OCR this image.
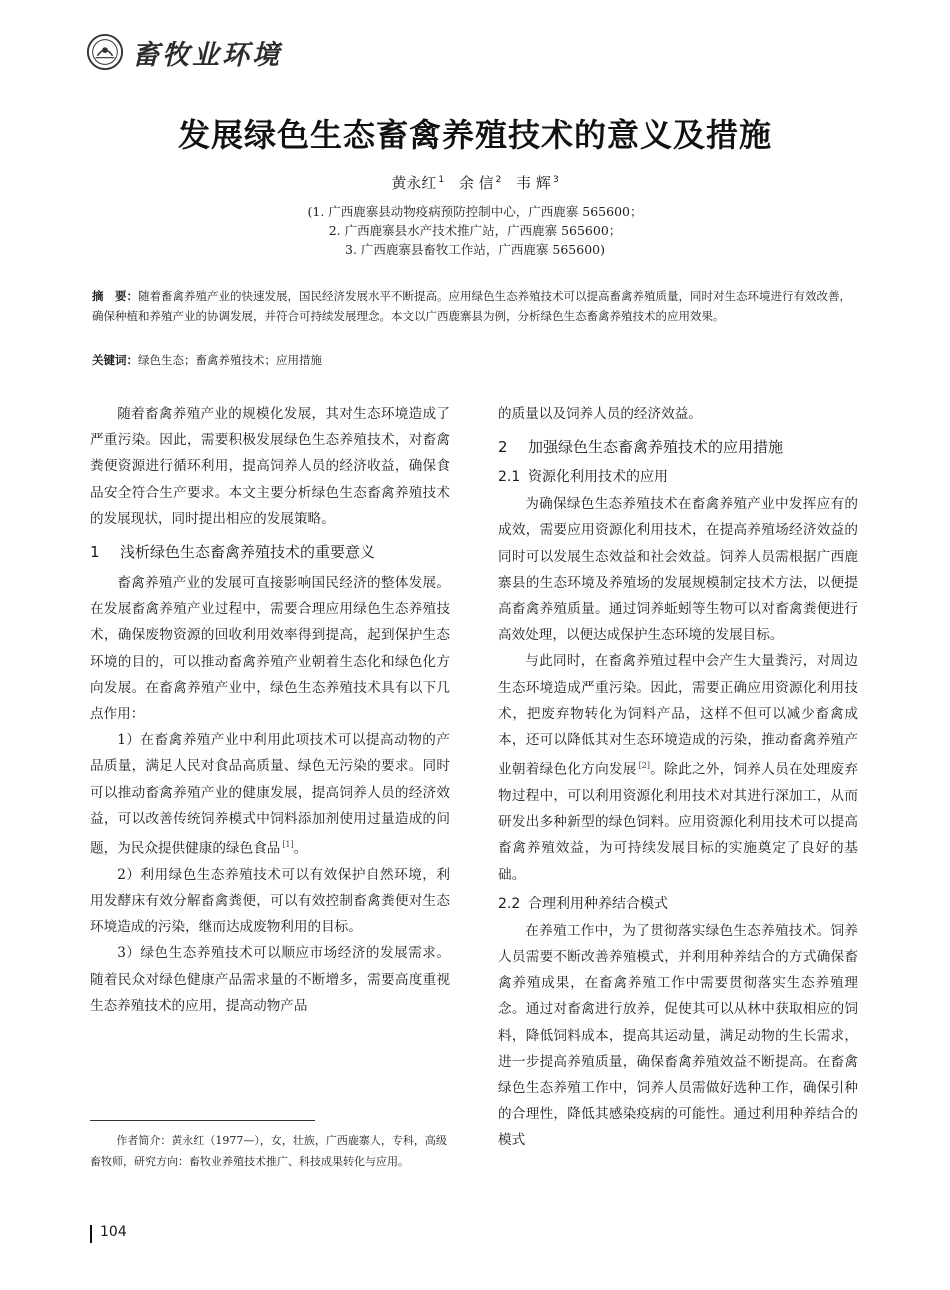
畜牧业环境
发展绿色生态畜禽养殖技术的意义及措施
黄永红 $^1$ 余 信 $^2$ 韦 辉 $^3$
(1. 广西鹿寨县动物疫病预防控制中心，广西鹿寨 565600；
2. 广西鹿寨县水产技术推广站，广西鹿寨 565600；
3. 广西鹿寨县畜牧工作站，广西鹿寨 565600)
摘　要：随着畜禽养殖产业的快速发展，国民经济发展水平不断提高。应用绿色生态养殖技术可以提高畜禽养殖质量，同时对生态环境进行有效改善，确保种植和养殖产业的协调发展，并符合可持续发展理念。本文以广西鹿寨县为例，分析绿色生态畜禽养殖技术的应用效果。
关键词：绿色生态；畜禽养殖技术；应用措施

随着畜禽养殖产业的规模化发展，其对生态环境造成了严重污染。因此，需要积极发展绿色生态养殖技术，对畜禽粪便资源进行循环利用，提高饲养人员的经济收益，确保食品安全符合生产要求。本文主要分析绿色生态畜禽养殖技术的发展现状，同时提出相应的发展策略。

1 浅析绿色生态畜禽养殖技术的重要意义

畜禽养殖产业的发展可直接影响国民经济的整体发展。在发展畜禽养殖产业过程中，需要合理应用绿色生态养殖技术，确保废物资源的回收利用效率得到提高，起到保护生态环境的目的，可以推动畜禽养殖产业朝着生态化和绿色化方向发展。在畜禽养殖产业中，绿色生态养殖技术具有以下几点作用：

1）在畜禽养殖产业中利用此项技术可以提高动物的产品质量，满足人民对食品高质量、绿色无污染的要求。同时可以推动畜禽养殖产业的健康发展，提高饲养人员的经济效益，可以改善传统饲养模式中饲料添加剂使用过量造成的问题，为民众提供健康的绿色食品 [1]。

2）利用绿色生态养殖技术可以有效保护自然环境，利用发酵床有效分解畜禽粪便，可以有效控制畜禽粪便对生态环境造成的污染，继而达成废物利用的目标。

3）绿色生态养殖技术可以顺应市场经济的发展需求。随着民众对绿色健康产品需求量的不断增多，需要高度重视生态养殖技术的应用，提高动物产品

的质量以及饲养人员的经济效益。

2 加强绿色生态畜禽养殖技术的应用措施
2.1 资源化利用技术的应用

为确保绿色生态养殖技术在畜禽养殖产业中发挥应有的成效，需要应用资源化利用技术，在提高养殖场经济效益的同时可以发展生态效益和社会效益。饲养人员需根据广西鹿寨县的生态环境及养殖场的发展规模制定技术方法，以便提高畜禽养殖质量。通过饲养蚯蚓等生物可以对畜禽粪便进行高效处理，以便达成保护生态环境的发展目标。

与此同时，在畜禽养殖过程中会产生大量粪污，对周边生态环境造成严重污染。因此，需要正确应用资源化利用技术，把废弃物转化为饲料产品，这样不但可以减少畜禽成本，还可以降低其对生态环境造成的污染，推动畜禽养殖产业朝着绿色化方向发展 [2]。除此之外，饲养人员在处理废弃物过程中，可以利用资源化利用技术对其进行深加工，从而研发出多种新型的绿色饲料。应用资源化利用技术可以提高畜禽养殖效益，为可持续发展目标的实施奠定了良好的基础。

2.2 合理利用种养结合模式

在养殖工作中，为了贯彻落实绿色生态养殖技术。饲养人员需要不断改善养殖模式，并利用种养结合的方式确保畜禽养殖成果，在畜禽养殖工作中需要贯彻落实生态养殖理念。通过对畜禽进行放养，促使其可以从林中获取相应的饲料，降低饲料成本，提高其运动量，满足动物的生长需求，进一步提高养殖质量，确保畜禽养殖效益不断提高。在畜禽绿色生态养殖工作中，饲养人员需做好选种工作，确保引种的合理性，降低其感染疫病的可能性。通过利用种养结合的模式

作者简介：黄永红（1977—），女，壮族，广西鹿寨人，专科，高级畜牧师，研究方向：畜牧业养殖技术推广、科技成果转化与应用。

104
